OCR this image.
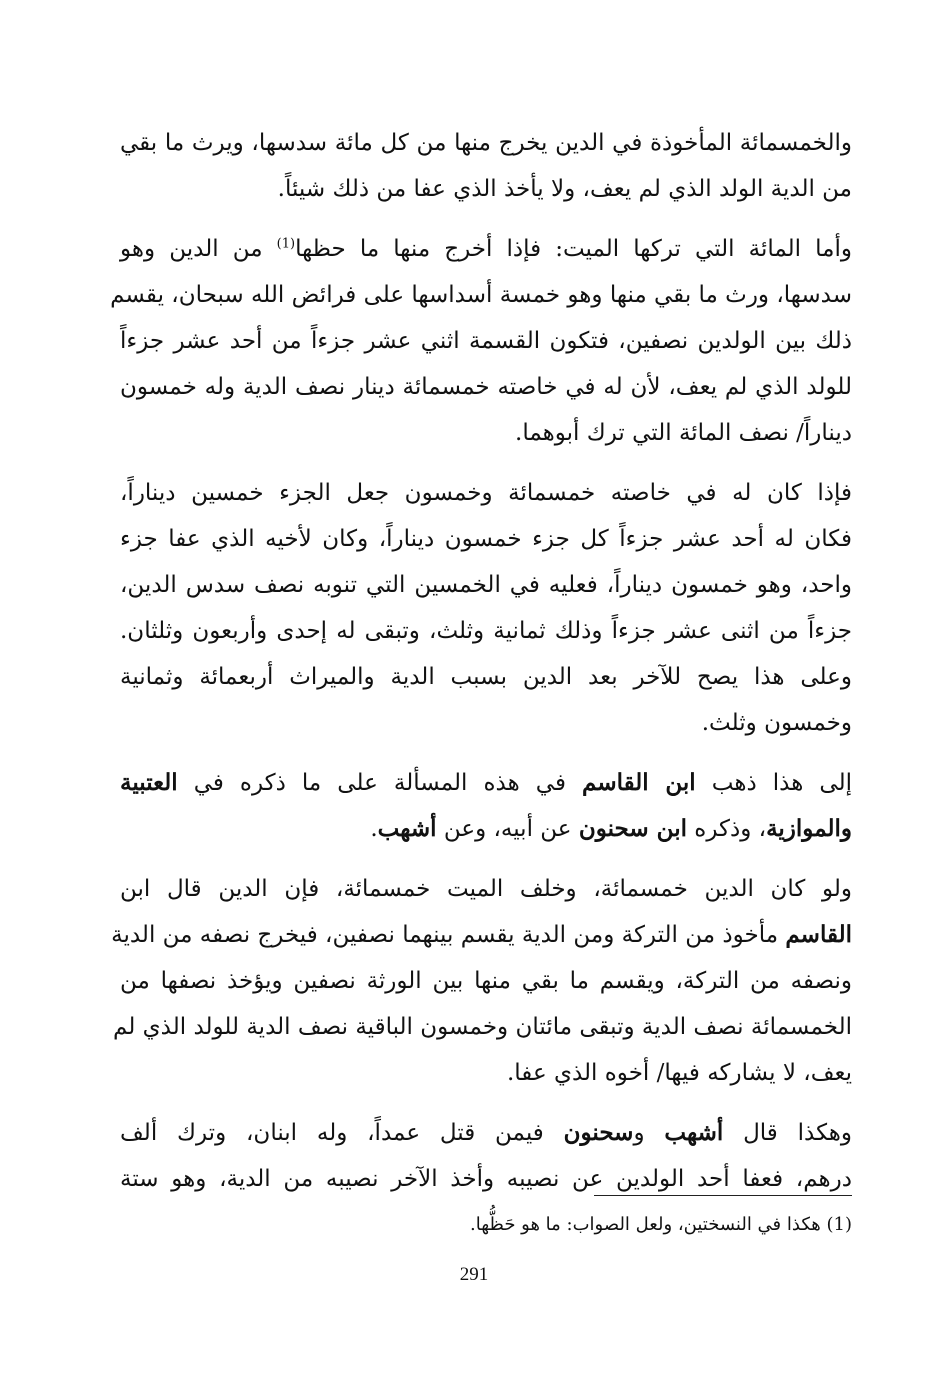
والخمسمائة المأخوذة في الدين يخرج منها من كل مائة سدسها، ويرث ما بقي
من الدية الولد الذي لم يعف، ولا يأخذ الذي عفا من ذلك شيئاً.

وأما المائة التي تركها الميت: فإذا أخرج منها ما حظها$^{(1)}$ من الدين وهو
سدسها، ورث ما بقي منها وهو خمسة أسداسها على فرائض الله سبحان، يقسم
ذلك بين الولدين نصفين، فتكون القسمة اثني عشر جزءاً من أحد عشر جزءاً
للولد الذي لم يعف، لأن له في خاصته خمسمائة دينار نصف الدية وله خمسون
ديناراً/ نصف المائة التي ترك أبوهما.

فإذا كان له في خاصته خمسمائة وخمسون جعل الجزء خمسين ديناراً،
فكان له أحد عشر جزءاً كل جزء خمسون ديناراً، وكان لأخيه الذي عفا جزء
واحد، وهو خمسون ديناراً، فعليه في الخمسين التي تنوبه نصف سدس الدين،
جزءاً من اثنى عشر جزءاً وذلك ثمانية وثلث، وتبقى له إحدى وأربعون وثلثان.
وعلى هذا يصح للآخر بعد الدين بسبب الدية والميراث أربعمائة وثمانية
وخمسون وثلث.

إلى هذا ذهب ابن القاسم في هذه المسألة على ما ذكره في العتبية
والموازية، وذكره ابن سحنون عن أبيه، وعن أشهب.

ولو كان الدين خمسمائة، وخلف الميت خمسمائة، فإن الدين قال ابن
القاسم مأخوذ من التركة ومن الدية يقسم بينهما نصفين، فيخرج نصفه من الدية
ونصفه من التركة، ويقسم ما بقي منها بين الورثة نصفين ويؤخذ نصفها من
الخمسمائة نصف الدية وتبقى مائتان وخمسون الباقية نصف الدية للولد الذي لم
يعف، لا يشاركه فيها/ أخوه الذي عفا.

وهكذا قال أشهب وسحنون فيمن قتل عمداً، وله ابنان، وترك ألف
درهم، فعفا أحد الولدين عن نصيبه وأخذ الآخر نصيبه من الدية، وهو ستة

(1) هكذا في النسختين، ولعل الصواب: ما هو حَظُّها.
291
